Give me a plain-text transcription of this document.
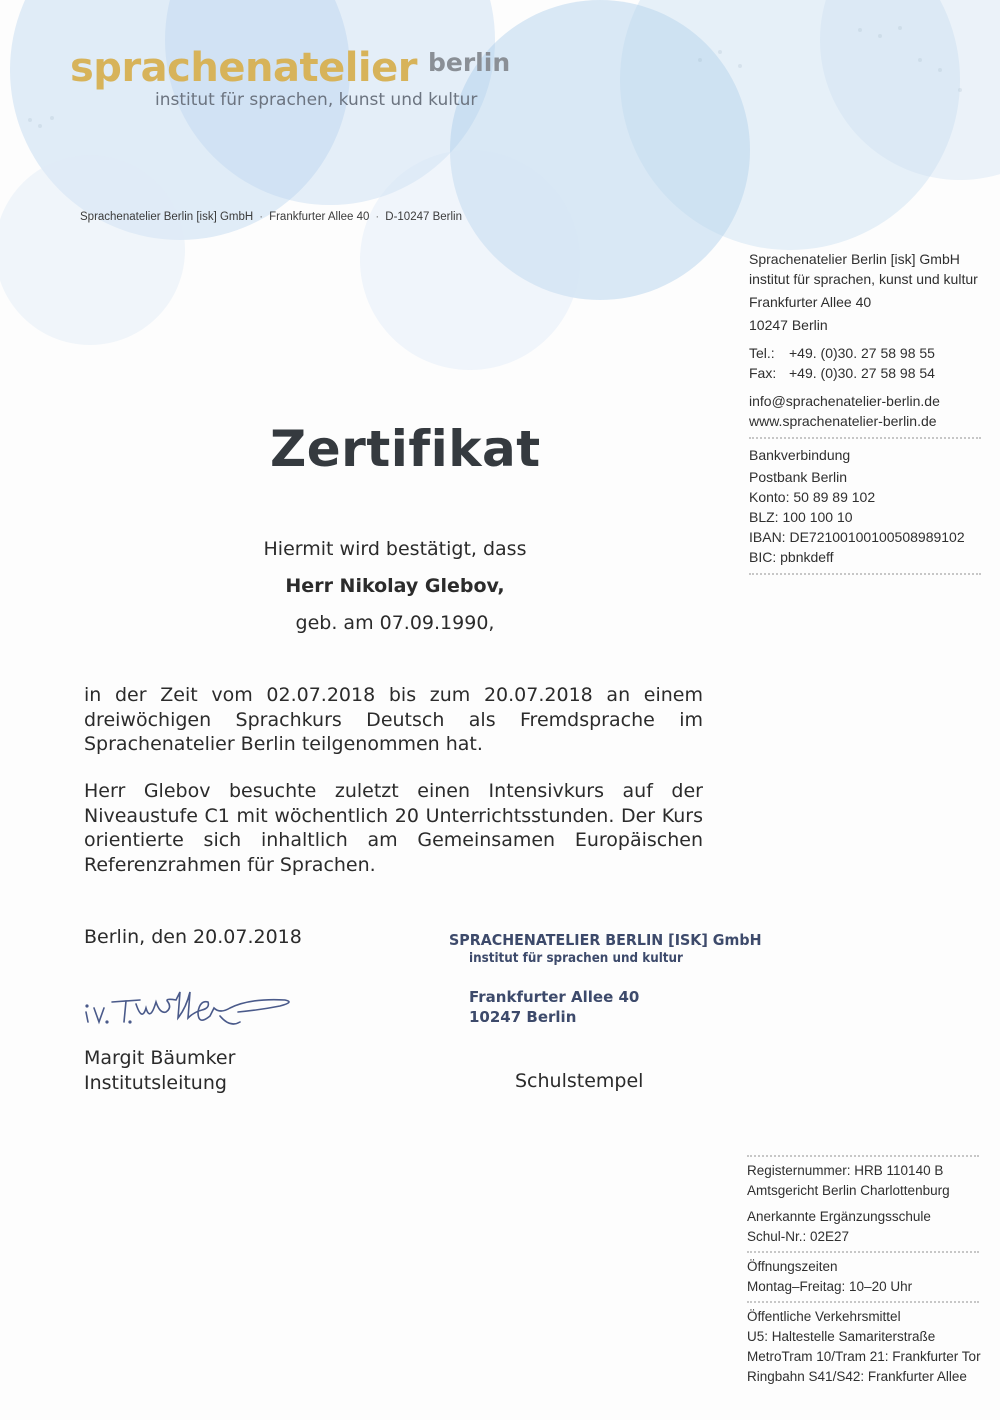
sprachenatelier berlin
institut für sprachen, kunst und kultur
Sprachenatelier Berlin [isk] GmbH · Frankfurter Allee 40 · D-10247 Berlin
Sprachenatelier Berlin [isk] GmbH
institut für sprachen, kunst und kultur
Frankfurter Allee 40
10247 Berlin
Tel.:	+49. (0)30. 27 58 98 55
Fax: +49. (0)30. 27 58 98 54
info@sprachenatelier-berlin.de
www.sprachenatelier-berlin.de
Bankverbindung
Postbank Berlin
Konto: 50 89 89 102
BLZ: 100 100 10
IBAN: DE72100100100508989102
BIC: pbnkdeff
Zertifikat
Hiermit wird bestätigt, dass
Herr Nikolay Glebov,
geb. am 07.09.1990,

in der Zeit vom 02.07.2018 bis zum 20.07.2018 an einem dreiwöchigen Sprachkurs Deutsch als Fremdsprache im Sprachenatelier Berlin teilgenommen hat.

Herr Glebov besuchte zuletzt einen Intensivkurs auf der Niveaustufe C1 mit wöchentlich 20 Unterrichtsstunden. Der Kurs orientierte sich inhaltlich am Gemeinsamen Europäischen Referenzrahmen für Sprachen.

Berlin, den 20.07.2018
Margit Bäumker
Institutsleitung
SPRACHENATELIER BERLIN [ISK] GmbH
institut für sprachen und kultur
Frankfurter Allee 40
10247 Berlin
Schulstempel
Registernummer: HRB 110140 B
Amtsgericht Berlin Charlottenburg
Anerkannte Ergänzungsschule
Schul-Nr.: 02E27
Öffnungszeiten
Montag–Freitag: 10–20 Uhr
Öffentliche Verkehrsmittel
U5: Haltestelle Samariterstraße
MetroTram 10/Tram 21: Frankfurter Tor
Ringbahn S41/S42: Frankfurter Allee
